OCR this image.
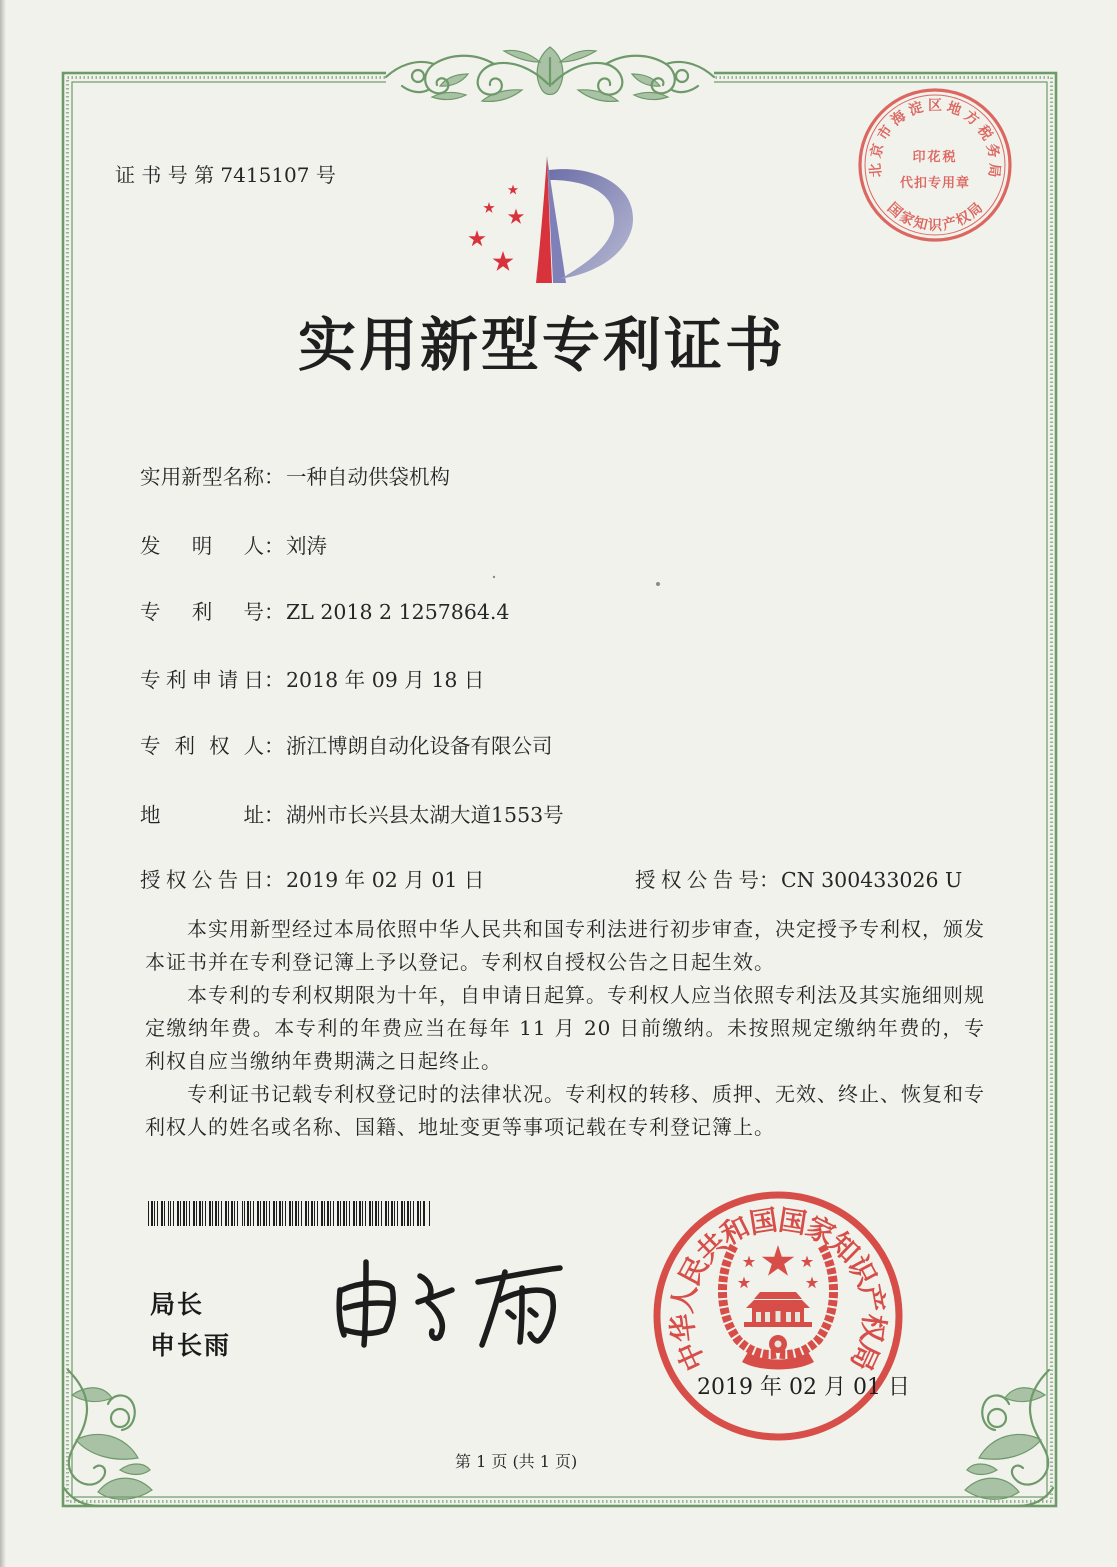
证 书 号 第 7415107 号
实用新型专利证书
实用新型名称：一种自动供袋机构
发明人：刘涛
专利号：ZL 2018 2 1257864.4
专利申请日：2018 年 09 月 18 日
专利权人：浙江博朗自动化设备有限公司
地址：湖州市长兴县太湖大道1553号
授权公告日：2019 年 02 月 01 日	授权公告号：CN 300433026 U

本实用新型经过本局依照中华人民共和国专利法进行初步审查，决定授予专利权，颁发本证书并在专利登记簿上予以登记。专利权自授权公告之日起生效。

本专利的专利权期限为十年，自申请日起算。专利权人应当依照专利法及其实施细则规定缴纳年费。本专利的年费应当在每年 11 月 20 日前缴纳。未按照规定缴纳年费的，专利权自应当缴纳年费期满之日起终止。

专利证书记载专利权登记时的法律状况。专利权的转移、质押、无效、终止、恢复和专利权人的姓名或名称、国籍、地址变更等事项记载在专利登记簿上。

局长
申长雨
北京市海淀区地方税务局
国家知识产权局
印花税
代扣专用章
中华人民共和国国家知识产权局
2019 年 02 月 01 日
第 1 页 (共 1 页)
